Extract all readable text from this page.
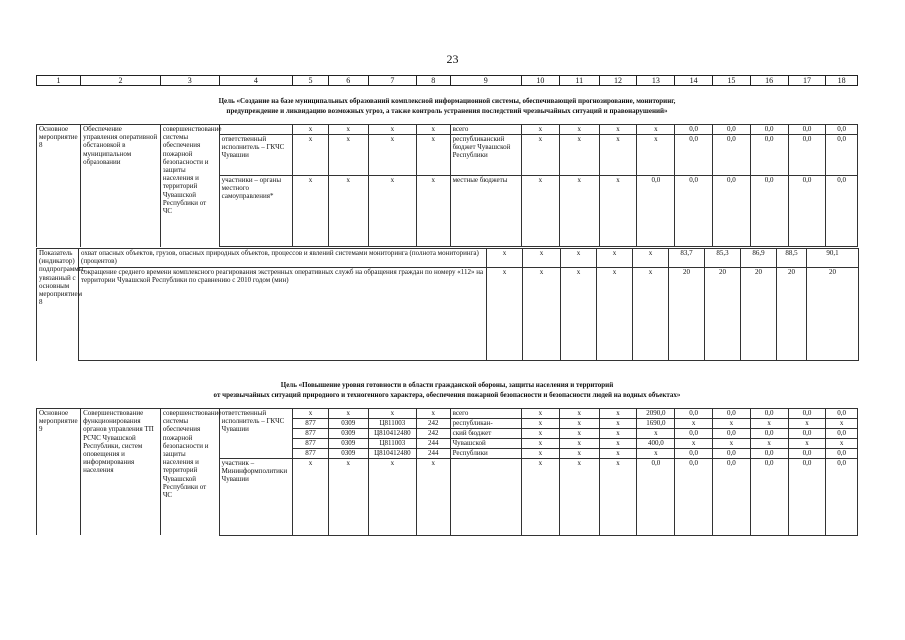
23
1	2	3	4	5	6	7	8	9	10	11	12	13	14	15	16	17	18
Цель «Создание на базе муниципальных образований комплексной информационной системы, обеспечивающей прогнозирование, мониторинг,
предупреждение и ликвидацию возможных угроз, а также контроль устранения последствий чрезвычайных ситуаций и правонарушений»
Основное мероприятие 8	Обеспечение управления оперативной обстановкой в муниципальном образовании	совершенствование системы обеспечения пожарной безопасности и защиты населения и территорий Чувашской Республики от ЧС		x	x	x	x	всего	x	x	x	x	0,0	0,0	0,0	0,0	0,0
			ответственный исполнитель – ГКЧС Чувашии	x	x	x	x	республиканский бюджет Чувашской Республики	x	x	x	x	0,0	0,0	0,0	0,0	0,0
			участники – органы местного самоуправления*	x	x	x	x	местные бюджеты	x	x	x	0,0	0,0	0,0	0,0	0,0	0,0
Показатель (индикатор) подпрограммы, увязанный с основным мероприятием 8	охват опасных объектов, грузов, опасных природных объектов, процессов и явлений системами мониторинга (полнота мониторинга) (процентов)	x	x	x	x	x	83,7	85,3	86,9	88,5	90,1
	сокращение среднего времени комплексного реагирования экстренных оперативных служб на обращения граждан по номеру «112» на территории Чувашской Республики по сравнению с 2010 годом (мин)	x	x	x	x	x	20	20	20	20	20
Цель «Повышение уровня готовности в области гражданской обороны, защиты населения и территорий
от чрезвычайных ситуаций природного и техногенного характера, обеспечения пожарной безопасности и безопасности людей на водных объектах»
Основное мероприятие 9	Совершенствование функционирования органов управления ТП РСЧС Чувашской Республики, систем оповещения и информирования населения	совершенствование системы обеспечения пожарной безопасности и защиты населения и территорий Чувашской Республики от ЧС	ответственный исполнитель – ГКЧС Чувашии	x	x	x	x	всего	x	x	x	2090,0	0,0	0,0	0,0	0,0	0,0
				877	0309	Ц811003	242	республикан-	x	x	x	1690,0	x	x	x	x	x
				877	0309	Ц810412480	242	ский бюджет	x	x	x	x	0,0	0,0	0,0	0,0	0,0
				877	0309	Ц811003	244	Чувашской	x	x	x	400,0	x	x	x	x	x
				877	0309	Ц810412480	244	Республики	x	x	x	x	0,0	0,0	0,0	0,0	0,0
			участник – Мининформполитики Чувашии	x	x	x	x		x	x	x	0,0	0,0	0,0	0,0	0,0	0,0
